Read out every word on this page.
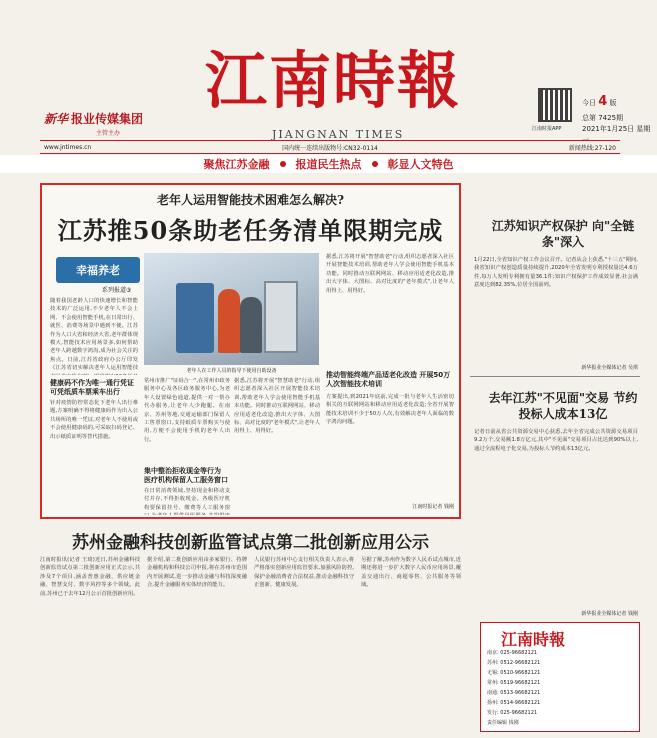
新华 报业传媒集团
主管主办
江南時報
JIANGNAN TIMES	江南时报APP
今日 4 版
总第 7425期
2021年1月25日 星期一
www.jntimes.cn	国内统一连续出版物号:CN32-0114	新闻热线:27-120
聚焦江苏金融 报道民生热点 彰显人文特色
老年人运用智能技术困难怎么解决?
江苏推50条助老任务清单限期完成
幸福养老
系列报道③
老年人在工作人员的指导下使用自助设备
随着我国老龄人口的快速增长和智能技术的广泛运用,不少老年人不会上网、不会使用智能手机,在日常出行、就医、消费等场景中遇到不便。江苏作为人口大省和经济大省,老年群体规模大,智能技术应用场景多,如何帮助老年人跨越数字鸿沟,成为社会关注的焦点。日前,江苏省政府办公厅印发《江苏省切实解决老年人运用智能技
健康码不作为唯一通行凭证 可凭纸质车票乘车出行
针对疫情防控常态化下老年人出行难题,方案明确不得将健康码作为出入公共场所的唯一凭证,对老年人不使用或不会使用健康码的,可采取扫码登记、出示纸质证明等替代措施。
常州市推广"证码合一",在常州市政务服务中心及各区政务服务中心,为老年人设置绿色通道,提供一对一帮办代办服务,让老年人少跑腿。在南京、苏州等地,交通运输部门保留人工售票窗口,支持纸质车票购买与使用,方便不会使用手机的老年人出行。
集中整治拒收现金等行为 医疗机构保留人工服务窗口
在日常消费领域,坚持现金和移动支付并存,不得拒收现金。各级医疗机构要保留挂号、缴费等人工服务窗
据悉,江苏将开展"智慧助老"行动,组织志愿者深入社区开展智能技术培训,帮助老年人学会使用智能手机基本功能。同时推动互联网网站、移动应用适老化改造,推出大字体、大图标、高对比度的"老年模式",让老年人用得上、用得好。
据悉,江苏将开展"智慧助老"行动,组织志愿者深入社区开展智能技术培训,帮助老年人学会使用智能手机基本功能。同时推动互联网网站、移动应用适老化改造,推出大字体、大图标、高对比度的"老年模式",让老年人用得上、用得好。
推动智能终端产品适老化改造 开展50万人次智能技术培训
方案提出,到2021年底前,完成一批与老年人生活密切相关的互联网网站和移动应用适老化改造;全省开展智能技术培训不少于50万人次,有效解决老年人面临的数字鸿沟问题。
江南时报记者 钱刚
江苏知识产权保护 向"全链条"深入
1月22日,全省知识产权工作会议召开。记者从会上获悉,"十三五"期间,我省知识产权创造质量持续提升,2020年全省发明专利授权量达4.6万件,每万人发明专利拥有量36.1件;知识产权保护工作成效显著,社会满意度达到82.35%,位居全国前列。
新华报业全媒体记者 吴琪
去年江苏"不见面"交易 节约投标人成本13亿
记者日前从省公共资源交易中心获悉,去年全省完成公共资源交易项目9.2万个,交易额1.8万亿元,其中"不见面"交易项目占比达到90%以上,通过全流程电子化交易,为投标人节约成本13亿元。
新华报业全媒体记者 钱刚
江南時報
南京: 025-96682121
苏州: 0512-96682121
无锡: 0510-96682121
常州: 0519-96682121
南通: 0513-96682121
扬州: 0514-96682121
发行: 025-96682121
责任编辑 钱刚
苏州金融科技创新监管试点第二批创新应用公示
江南时报讯(记者 王琦)近日,苏州金融科技创新监管试点第二批创新应用正式公示,共涉及7个项目,涵盖普惠金融、供应链金融、智慧支付、数字风控等多个领域。此前,苏州已于去年12月公示首批创新应用。
据介绍,第二批创新应用由多家银行、持牌金融机构和科技公司申报,将在苏州市范围内开展测试,进一步推动金融与科技深度融合,提升金融服务实体经济的能力。
人民银行苏州中心支行相关负责人表示,将严格落实创新应用监管要求,加强风险防控,保护金融消费者合法权益,推动金融科技守正创新、健康发展。
另据了解,苏州作为数字人民币试点城市,近期还将进一步扩大数字人民币应用场景,覆盖交通出行、商超零售、公共服务等领域。
